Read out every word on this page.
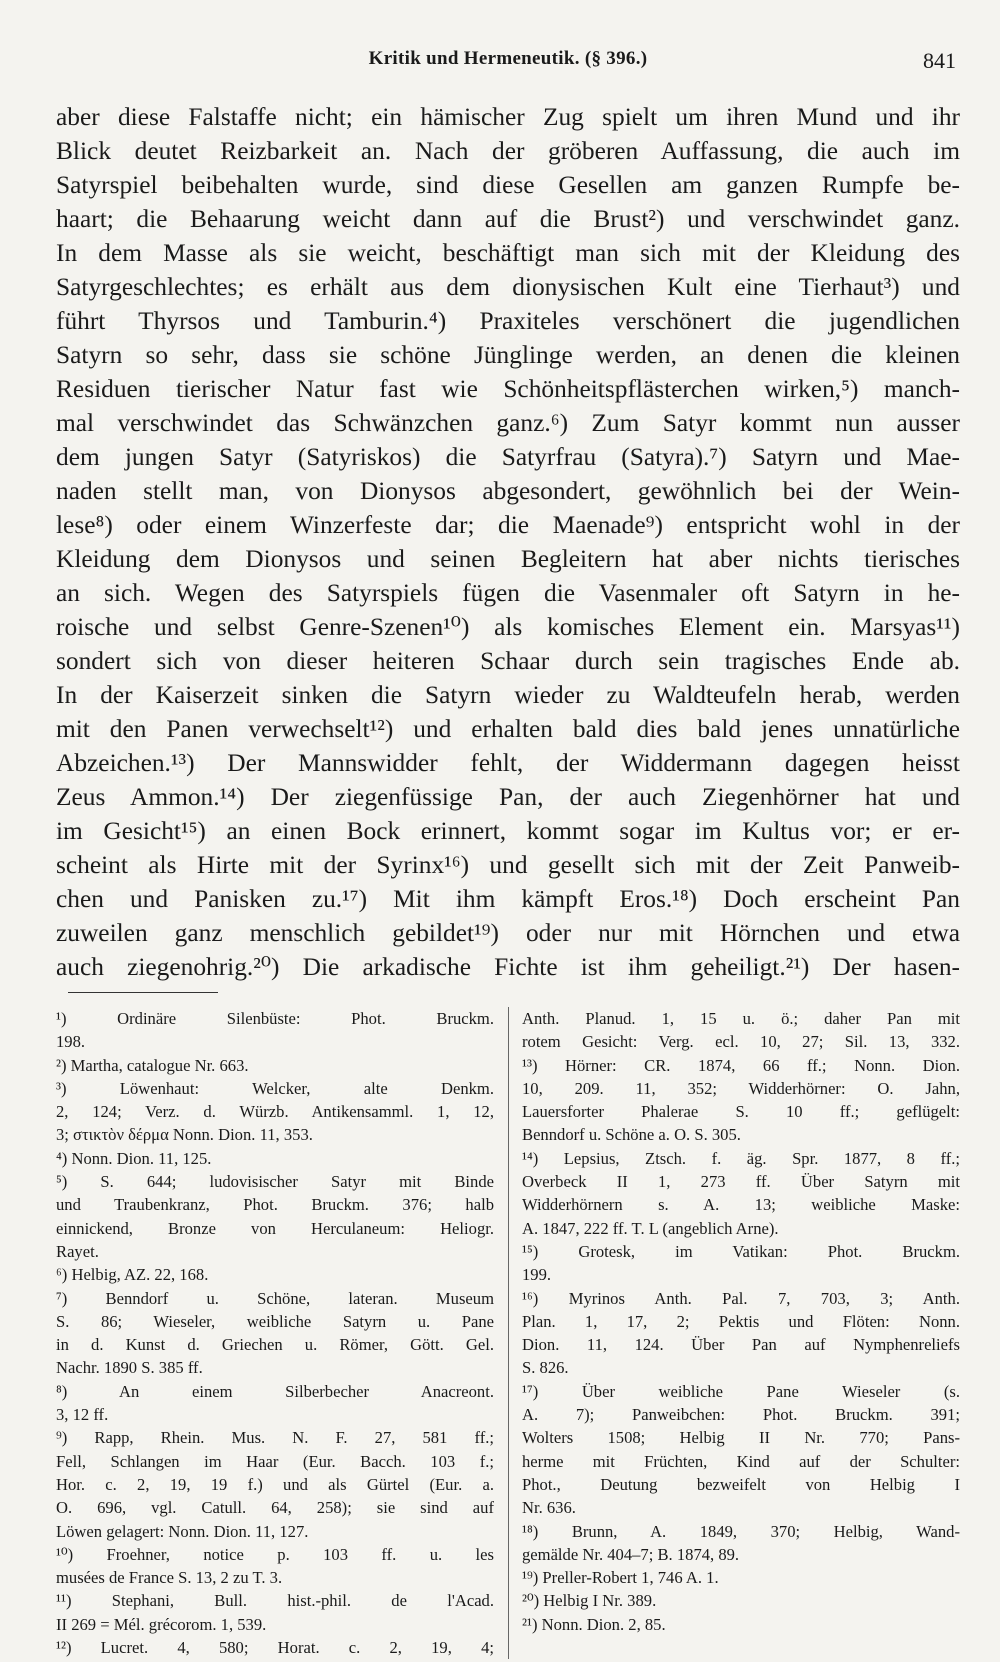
Kritik und Hermeneutik. (§ 396.)	841
aber diese Falstaffe nicht; ein hämischer Zug spielt um ihren Mund und ihr
Blick deutet Reizbarkeit an. Nach der gröberen Auffassung, die auch im
Satyrspiel beibehalten wurde, sind diese Gesellen am ganzen Rumpfe be-
haart; die Behaarung weicht dann auf die Brust²) und verschwindet ganz.
In dem Masse als sie weicht, beschäftigt man sich mit der Kleidung des
Satyrgeschlechtes; es erhält aus dem dionysischen Kult eine Tierhaut³) und
führt Thyrsos und Tamburin.⁴) Praxiteles verschönert die jugendlichen
Satyrn so sehr, dass sie schöne Jünglinge werden, an denen die kleinen
Residuen tierischer Natur fast wie Schönheitspflästerchen wirken,⁵) manch-
mal verschwindet das Schwänzchen ganz.⁶) Zum Satyr kommt nun ausser
dem jungen Satyr (Satyriskos) die Satyrfrau (Satyra).⁷) Satyrn und Mae-
naden stellt man, von Dionysos abgesondert, gewöhnlich bei der Wein-
lese⁸) oder einem Winzerfeste dar; die Maenade⁹) entspricht wohl in der
Kleidung dem Dionysos und seinen Begleitern hat aber nichts tierisches
an sich. Wegen des Satyrspiels fügen die Vasenmaler oft Satyrn in he-
roische und selbst Genre-Szenen¹⁰) als komisches Element ein. Marsyas¹¹)
sondert sich von dieser heiteren Schaar durch sein tragisches Ende ab.
In der Kaiserzeit sinken die Satyrn wieder zu Waldteufeln herab, werden
mit den Panen verwechselt¹²) und erhalten bald dies bald jenes unnatürliche
Abzeichen.¹³) Der Mannswidder fehlt, der Widdermann dagegen heisst
Zeus Ammon.¹⁴) Der ziegenfüssige Pan, der auch Ziegenhörner hat und
im Gesicht¹⁵) an einen Bock erinnert, kommt sogar im Kultus vor; er er-
scheint als Hirte mit der Syrinx¹⁶) und gesellt sich mit der Zeit Panweib-
chen und Panisken zu.¹⁷) Mit ihm kämpft Eros.¹⁸) Doch erscheint Pan
zuweilen ganz menschlich gebildet¹⁹) oder nur mit Hörnchen und etwa
auch ziegenohrig.²⁰) Die arkadische Fichte ist ihm geheiligt.²¹) Der hasen-
¹) Ordinäre Silenbüste: Phot. Bruckm.
198.
²) Martha, catalogue Nr. 663.
³) Löwenhaut: Welcker, alte Denkm.
2, 124; Verz. d. Würzb. Antikensamml. 1, 12,
3; στικτὸν δέρμα Nonn. Dion. 11, 353.
⁴) Nonn. Dion. 11, 125.
⁵) S. 644; ludovisischer Satyr mit Binde
und Traubenkranz, Phot. Bruckm. 376; halb
einnickend, Bronze von Herculaneum: Heliogr.
Rayet.
⁶) Helbig, AZ. 22, 168.
⁷) Benndorf u. Schöne, lateran. Museum
S. 86; Wieseler, weibliche Satyrn u. Pane
in d. Kunst d. Griechen u. Römer, Gött. Gel.
Nachr. 1890 S. 385 ff.
⁸) An einem Silberbecher Anacreont.
3, 12 ff.
⁹) Rapp, Rhein. Mus. N. F. 27, 581 ff.;
Fell, Schlangen im Haar (Eur. Bacch. 103 f.;
Hor. c. 2, 19, 19 f.) und als Gürtel (Eur. a.
O. 696, vgl. Catull. 64, 258); sie sind auf
Löwen gelagert: Nonn. Dion. 11, 127.
¹⁰) Froehner, notice p. 103 ff. u. les
musées de France S. 13, 2 zu T. 3.
¹¹) Stephani, Bull. hist.-phil. de l'Acad.
II 269 = Mél. grécorom. 1, 539.
¹²) Lucret. 4, 580; Horat. c. 2, 19, 4;
Anth. Planud. 1, 15 u. ö.; daher Pan mit
rotem Gesicht: Verg. ecl. 10, 27; Sil. 13, 332.
¹³) Hörner: CR. 1874, 66 ff.; Nonn. Dion.
10, 209. 11, 352; Widderhörner: O. Jahn,
Lauersforter Phalerae S. 10 ff.; geflügelt:
Benndorf u. Schöne a. O. S. 305.
¹⁴) Lepsius, Ztsch. f. äg. Spr. 1877, 8 ff.;
Overbeck II 1, 273 ff. Über Satyrn mit
Widderhörnern s. A. 13; weibliche Maske:
A. 1847, 222 ff. T. L (angeblich Arne).
¹⁵) Grotesk, im Vatikan: Phot. Bruckm.
199.
¹⁶) Myrinos Anth. Pal. 7, 703, 3; Anth.
Plan. 1, 17, 2; Pektis und Flöten: Nonn.
Dion. 11, 124. Über Pan auf Nymphenreliefs
S. 826.
¹⁷) Über weibliche Pane Wieseler (s.
A. 7); Panweibchen: Phot. Bruckm. 391;
Wolters 1508; Helbig II Nr. 770; Pans-
herme mit Früchten, Kind auf der Schulter:
Phot., Deutung bezweifelt von Helbig I
Nr. 636.
¹⁸) Brunn, A. 1849, 370; Helbig, Wand-
gemälde Nr. 404–7; B. 1874, 89.
¹⁹) Preller-Robert 1, 746 A. 1.
²⁰) Helbig I Nr. 389.
²¹) Nonn. Dion. 2, 85.
